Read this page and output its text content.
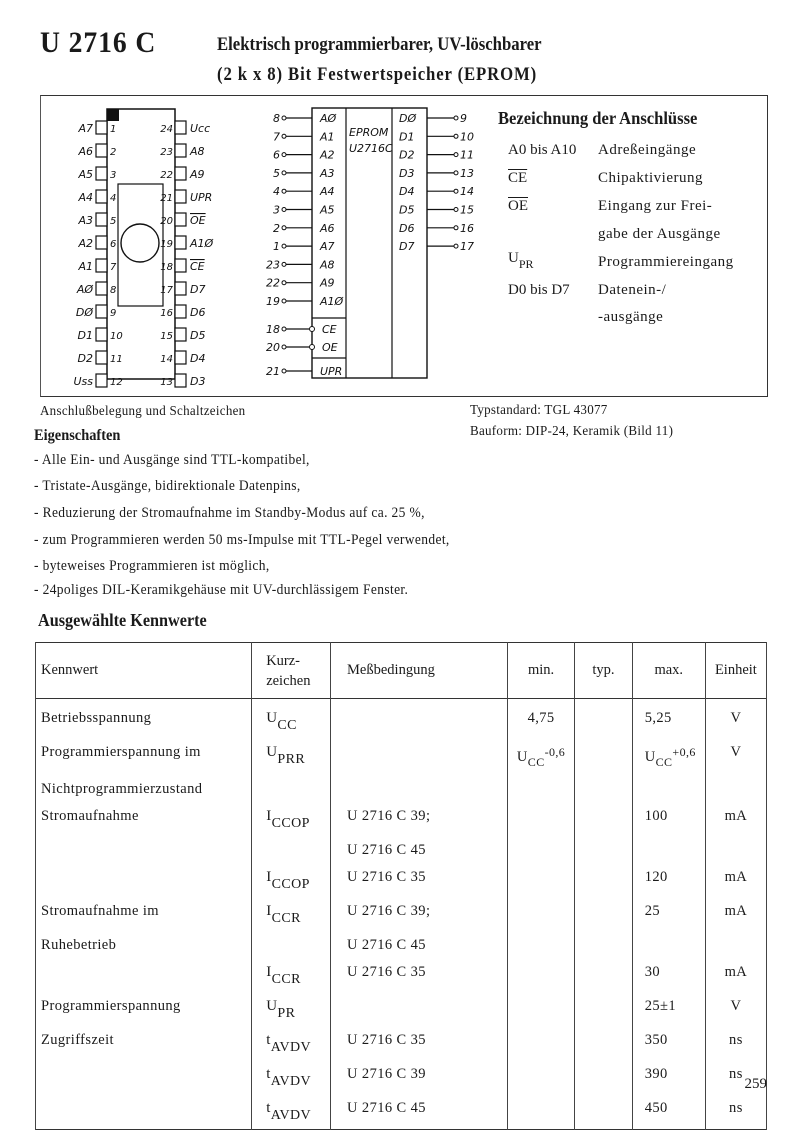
U 2716 C	Elektrisch programmierbarer, UV-löschbarer
(2 k x 8) Bit Festwertspeicher (EPROM)
A7 1
A6 2
A5 3
A4 4
A3 5
A2 6
A1 7
AØ 8
DØ 9
D1 10
D2 11
Uss 12
24 Ucc
23 A8
22 A9
21 UPR
20 OE
19 A1Ø
18 CE
17 D7
16 D6
15 D5
14 D4
13 D3
EPROM
U2716C
8	AØ
7	A1
6	A2
5	A3
4	A4
3	A5
2	A6
1	A7
23	A8
22	A9
19	A1Ø
18	CE
20	OE
21	UPR
DØ	9
D1	10
D2	11
D3	13
D4	14
D5	15
D6	16
D7	17
Bezeichnung der Anschlüsse
A0 bis A10 Adreßeingänge
$\overline{CE}$	Chipaktivierung
$\overline{OE}$	Eingang zur Frei-
gabe der Ausgänge
$U_{PR}$	Programmiereingang
D0 bis D7 Datenein-/
-ausgänge
Anschlußbelegung und Schaltzeichen	Typstandard: TGL 43077
Bauform: DIP-24, Keramik (Bild 11)
Eigenschaften
- Alle Ein- und Ausgänge sind TTL-kompatibel,
- Tristate-Ausgänge, bidirektionale Datenpins,
- Reduzierung der Stromaufnahme im Standby-Modus auf ca. 25 %,
- zum Programmieren werden 50 ms-Impulse mit TTL-Pegel verwendet,
- byteweises Programmieren ist möglich,
- 24poliges DIL-Keramikgehäuse mit UV-durchlässigem Fenster.
Ausgewählte Kennwerte
Kennwert	Kurz-
zeichen	Meßbedingung	min.	typ.	max.	Einheit
Betriebsspannung	UCC		4,75		5,25	V
Programmierspannung im	UPRR		$U_{CC}^{-0,6}$		$U_{CC}^{+0,6}$	V
Nichtprogrammierzustand						
Stromaufnahme	ICCOP	U 2716 C 39;			100	mA
		U 2716 C 45				
	ICCOP	U 2716 C 35			120	mA
Stromaufnahme im	ICCR	U 2716 C 39;			25	mA
Ruhebetrieb		U 2716 C 45				
	ICCR	U 2716 C 35			30	mA
Programmierspannung	UPR				25±1	V
Zugriffszeit	tAVDV	U 2716 C 35			350	ns
	tAVDV	U 2716 C 39			390	ns
	tAVDV	U 2716 C 45			450	ns
259
